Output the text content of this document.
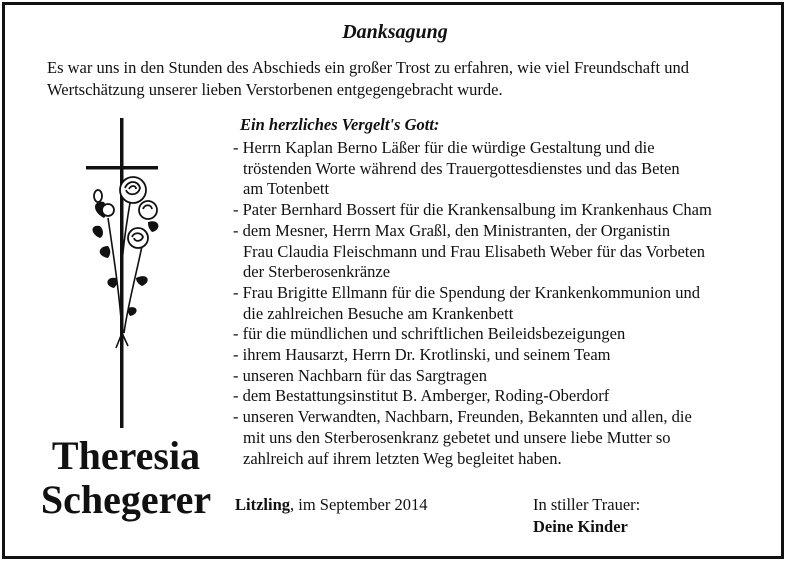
Danksagung
Es war uns in den Stunden des Abschieds ein großer Trost zu erfahren, wie viel Freundschaft und
Wertschätzung unserer lieben Verstorbenen entgegengebracht wurde.
Theresia
Schegerer
Ein herzliches Vergelt's Gott:
- Herrn Kaplan Berno Läßer für die würdige Gestaltung und die
tröstenden Worte während des Trauergottesdienstes und das Beten
am Totenbett
- Pater Bernhard Bossert für die Krankensalbung im Krankenhaus Cham
- dem Mesner, Herrn Max Graßl, den Ministranten, der Organistin
Frau Claudia Fleischmann und Frau Elisabeth Weber für das Vorbeten
der Sterberosenkränze
- Frau Brigitte Ellmann für die Spendung der Krankenkommunion und
die zahlreichen Besuche am Krankenbett
- für die mündlichen und schriftlichen Beileidsbezeigungen
- ihrem Hausarzt, Herrn Dr. Krotlinski, und seinem Team
- unseren Nachbarn für das Sargtragen
- dem Bestattungsinstitut B. Amberger, Roding-Oberdorf
- unseren Verwandten, Nachbarn, Freunden, Bekannten und allen, die
mit uns den Sterberosenkranz gebetet und unsere liebe Mutter so
zahlreich auf ihrem letzten Weg begleitet haben.
Litzling, im September 2014	In stiller Trauer:
Deine Kinder
